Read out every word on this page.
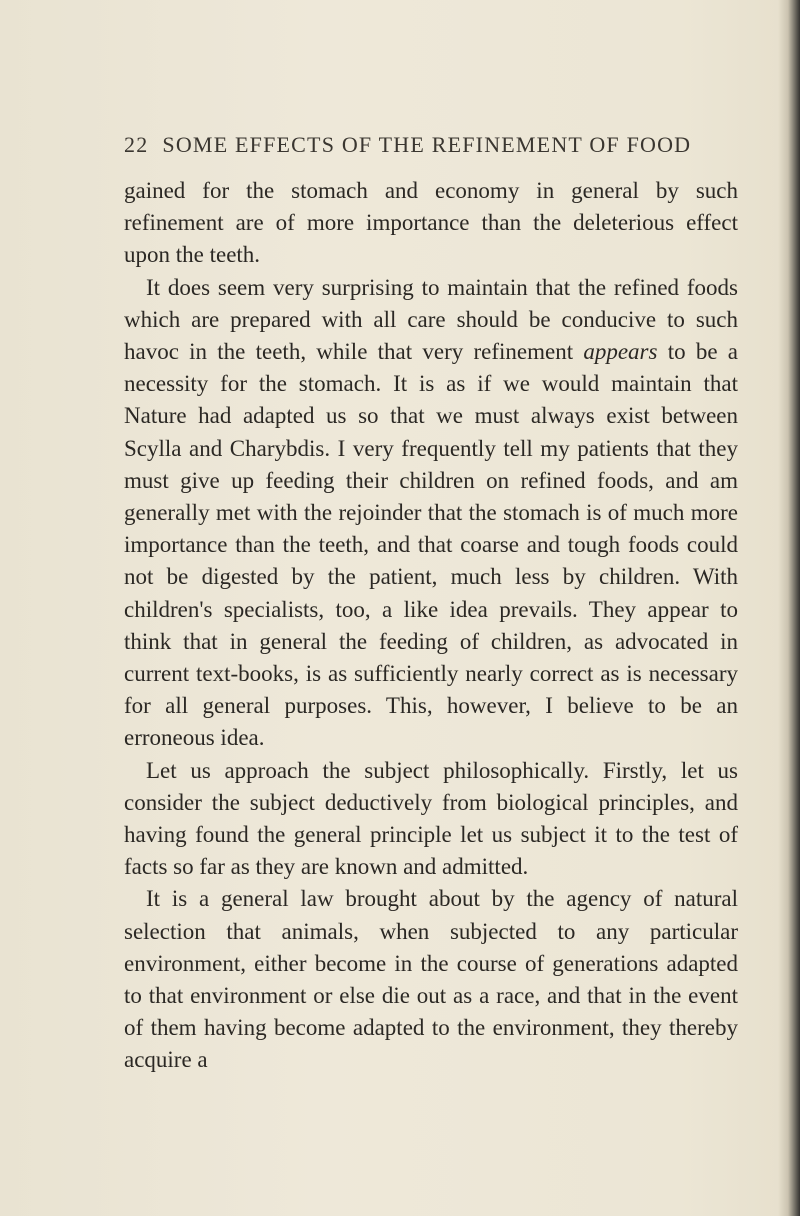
22 SOME EFFECTS OF THE REFINEMENT OF FOOD

gained for the stomach and economy in general by such refinement are of more importance than the deleterious effect upon the teeth.

It does seem very surprising to maintain that the refined foods which are prepared with all care should be conducive to such havoc in the teeth, while that very refinement appears to be a necessity for the stomach. It is as if we would maintain that Nature had adapted us so that we must always exist between Scylla and Charybdis. I very frequently tell my patients that they must give up feeding their children on refined foods, and am generally met with the rejoinder that the stomach is of much more importance than the teeth, and that coarse and tough foods could not be digested by the patient, much less by children. With children's specialists, too, a like idea prevails. They appear to think that in general the feeding of children, as advocated in current text-books, is as sufficiently nearly correct as is necessary for all general purposes. This, however, I believe to be an erroneous idea.

Let us approach the subject philosophically. Firstly, let us consider the subject deductively from biological principles, and having found the general principle let us subject it to the test of facts so far as they are known and admitted.

It is a general law brought about by the agency of natural selection that animals, when subjected to any particular environment, either become in the course of generations adapted to that environment or else die out as a race, and that in the event of them having become adapted to the environment, they thereby acquire a
